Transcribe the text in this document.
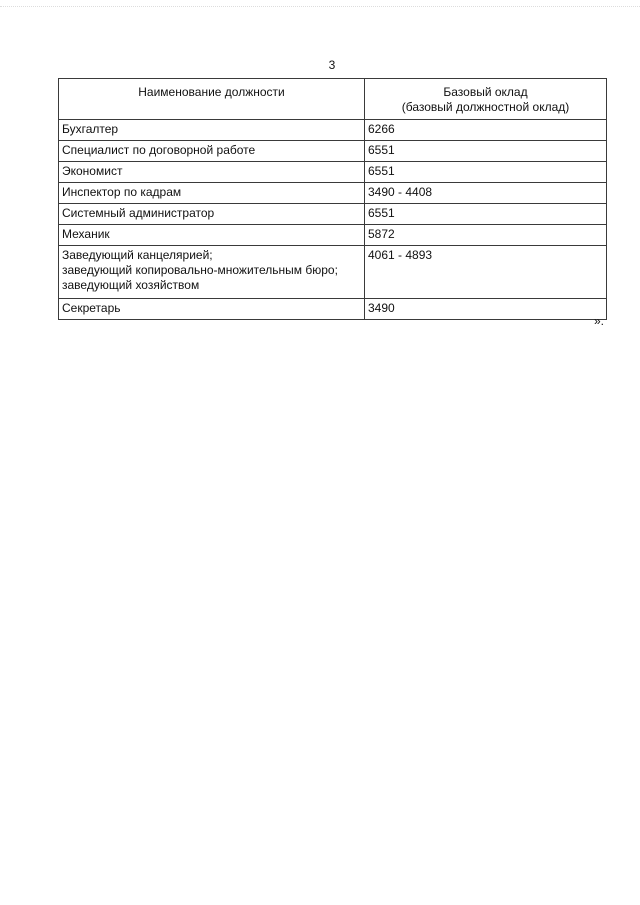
3
Наименование должности	Базовый оклад
(базовый должностной оклад)
Бухгалтер	6266
Специалист по договорной работе	6551
Экономист	6551
Инспектор по кадрам	3490 - 4408
Системный администратор	6551
Механик	5872
Заведующий канцелярией;
заведующий копировально-множительным бюро;
заведующий хозяйством	4061 - 4893
Секретарь	3490
».
